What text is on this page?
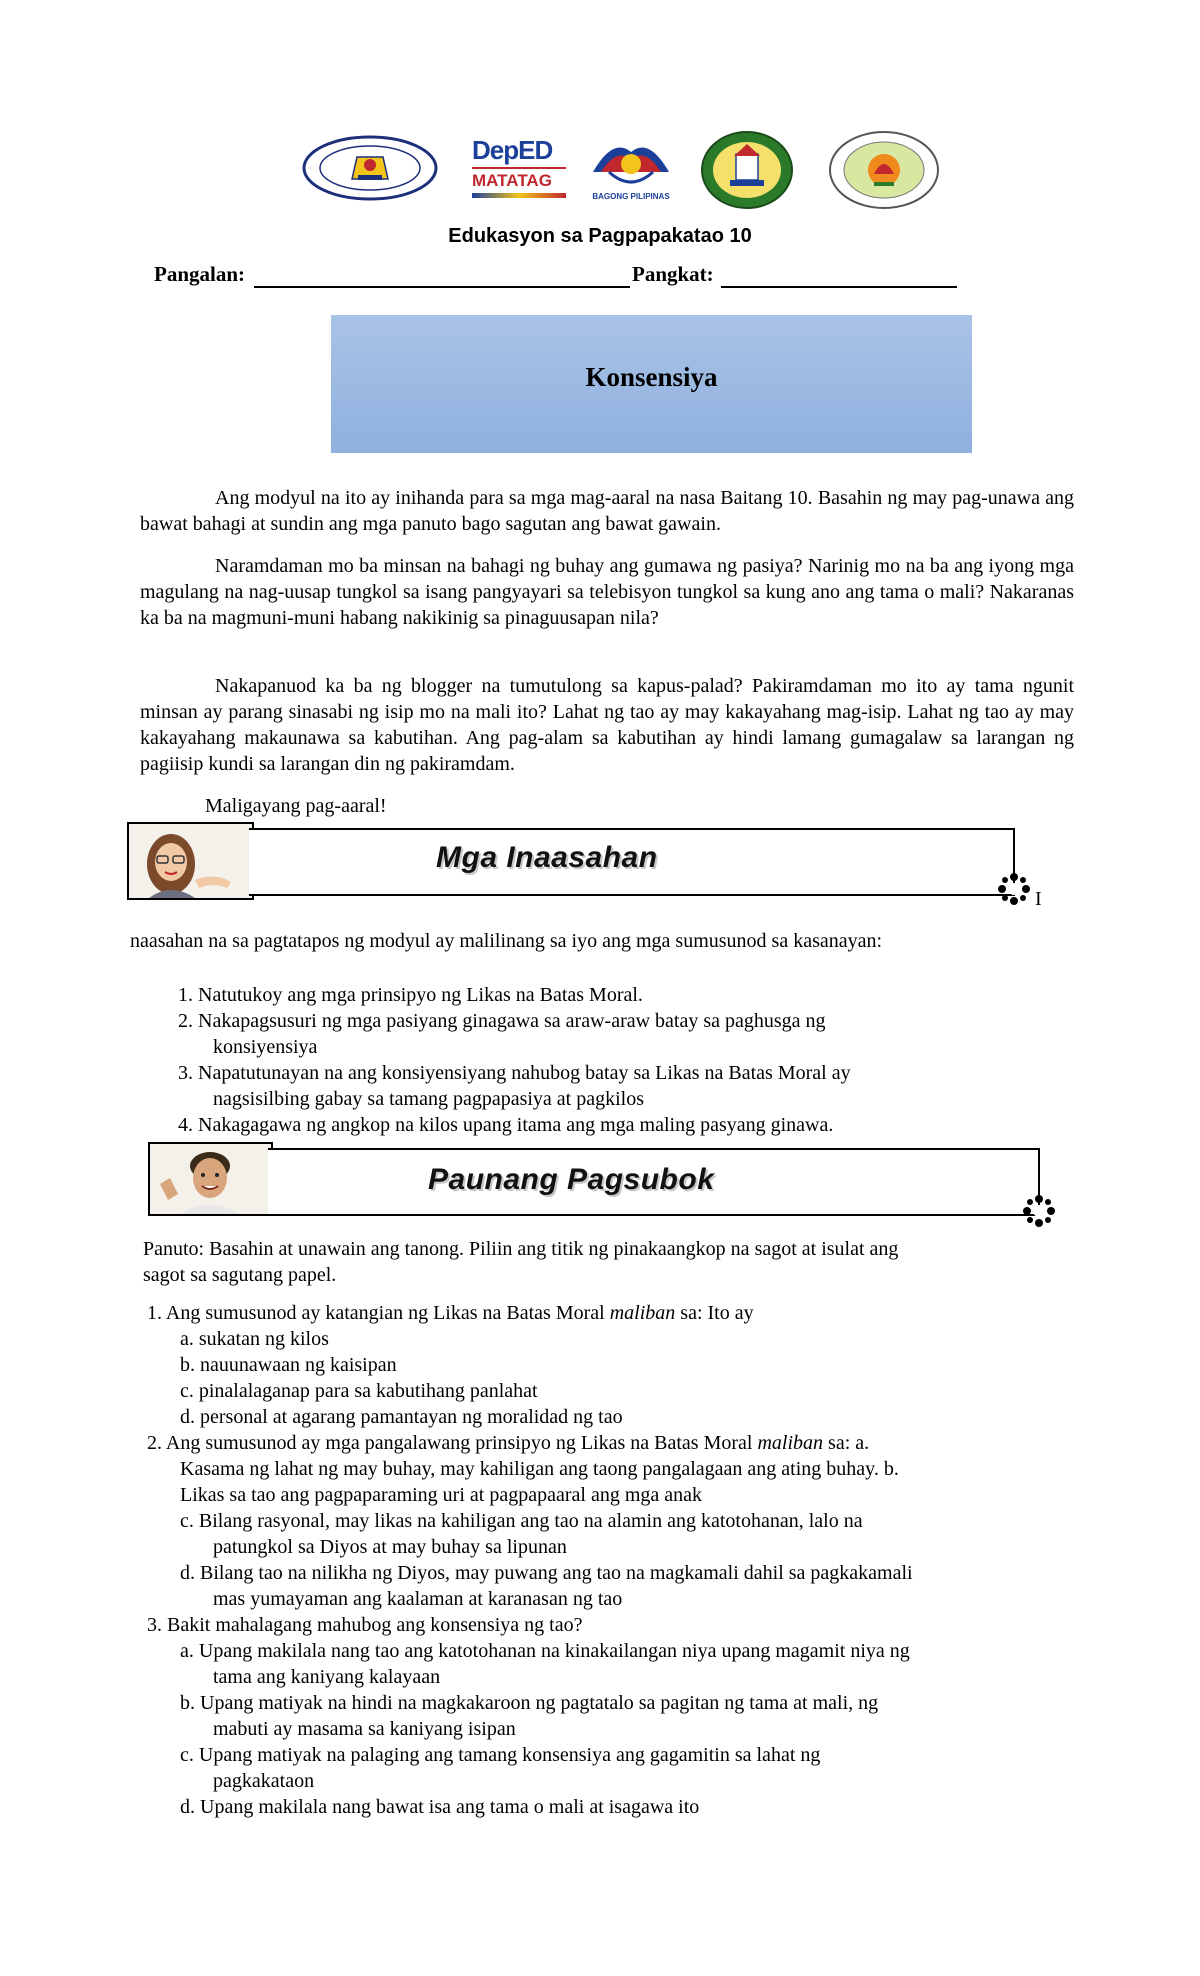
DepED
MATATAG
BAGONG PILIPINAS
Edukasyon sa Pagpapakatao 10
Pangalan:	Pangkat:
Konsensiya
Ang modyul na ito ay inihanda para sa mga mag-aaral na nasa Baitang 10. Basahin ng may pag-unawa ang bawat bahagi at sundin ang mga panuto bago sagutan ang bawat gawain.
Naramdaman mo ba minsan na bahagi ng buhay ang gumawa ng pasiya? Narinig mo na ba ang iyong mga magulang na nag-uusap tungkol sa isang pangyayari sa telebisyon tungkol sa kung ano ang tama o mali? Nakaranas ka ba na magmuni-muni habang nakikinig sa pinaguusapan nila?
Nakapanuod ka ba ng blogger na tumutulong sa kapus-palad? Pakiramdaman mo ito ay tama ngunit minsan ay parang sinasabi ng isip mo na mali ito? Lahat ng tao ay may kakayahang mag-isip. Lahat ng tao ay may kakayahang makaunawa sa kabutihan. Ang pag-alam sa kabutihan ay hindi lamang gumagalaw sa larangan ng pagiisip kundi sa larangan din ng pakiramdam.
Maligayang pag-aaral!
Mga Inaasahan
I
naasahan na sa pagtatapos ng modyul ay malilinang sa iyo ang mga sumusunod sa kasanayan:
1. Natutukoy ang mga prinsipyo ng Likas na Batas Moral.
2. Nakapagsusuri ng mga pasiyang ginagawa sa araw-araw batay sa paghusga ng
konsiyensiya
3. Napatutunayan na ang konsiyensiyang nahubog batay sa Likas na Batas Moral ay
nagsisilbing gabay sa tamang pagpapasiya at pagkilos
4. Nakagagawa ng angkop na kilos upang itama ang mga maling pasyang ginawa.
Paunang Pagsubok
Panuto: Basahin at unawain ang tanong. Piliin ang titik ng pinakaangkop na sagot at isulat ang
sagot sa sagutang papel.
1. Ang sumusunod ay katangian ng Likas na Batas Moral maliban sa: Ito ay
a. sukatan ng kilos
b. nauunawaan ng kaisipan
c. pinalalaganap para sa kabutihang panlahat
d. personal at agarang pamantayan ng moralidad ng tao
2. Ang sumusunod ay mga pangalawang prinsipyo ng Likas na Batas Moral maliban sa: a.
Kasama ng lahat ng may buhay, may kahiligan ang taong pangalagaan ang ating buhay. b.
Likas sa tao ang pagpaparaming uri at pagpapaaral ang mga anak
c. Bilang rasyonal, may likas na kahiligan ang tao na alamin ang katotohanan, lalo na
patungkol sa Diyos at may buhay sa lipunan
d. Bilang tao na nilikha ng Diyos, may puwang ang tao na magkamali dahil sa pagkakamali
mas yumayaman ang kaalaman at karanasan ng tao
3. Bakit mahalagang mahubog ang konsensiya ng tao?
a. Upang makilala nang tao ang katotohanan na kinakailangan niya upang magamit niya ng
tama ang kaniyang kalayaan
b. Upang matiyak na hindi na magkakaroon ng pagtatalo sa pagitan ng tama at mali, ng
mabuti ay masama sa kaniyang isipan
c. Upang matiyak na palaging ang tamang konsensiya ang gagamitin sa lahat ng
pagkakataon
d. Upang makilala nang bawat isa ang tama o mali at isagawa ito
